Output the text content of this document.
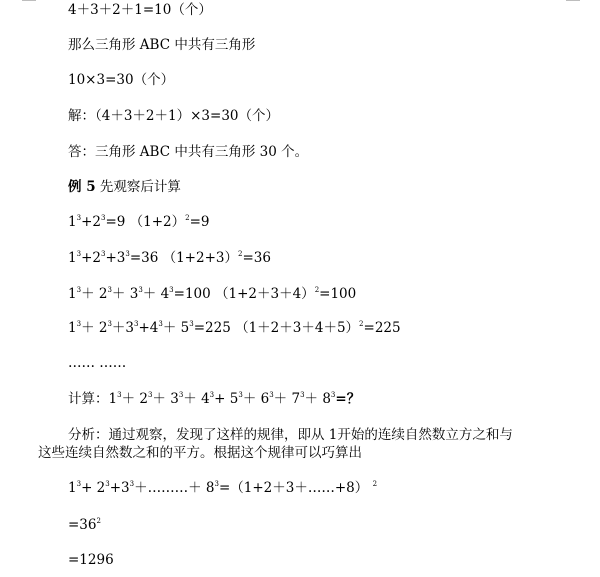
4＋3＋2＋1=10（个）
那么三角形 ABC 中共有三角形
10×3=30（个）
解：（4＋3＋2＋1）×3=30（个）
答：三角形 ABC 中共有三角形 30 个。
例 5 先观察后计算
$1^3+2^3=9$ $(1+2)^2=9$
$1^3+2^3+3^3=36$ $(1+2+3)^2=36$
$1^3+ 2^3+ 3^3+ 4^3=100$ $(1+2+3+4)^2=100$
$1^3+ 2^3+3^3+4^3+ 5^3=225$ $(1+2+3+4+5)^2=225$
…… ……
计算：$1^3+ 2^3+ 3^3+ 4^3+ 5^3+ 6^3+ 7^3+ 8^3=$？
分析：通过观察，发现了这样的规律，即从 1开始的连续自然数立方之和与
这些连续自然数之和的平方。根据这个规律可以巧算出
$1^3+$ $2^3+3^3+\dots\dots\dots+$ $8^3=(1+2+3+\dots\dots+8)$ $^2$
$=36^2$
=1296
